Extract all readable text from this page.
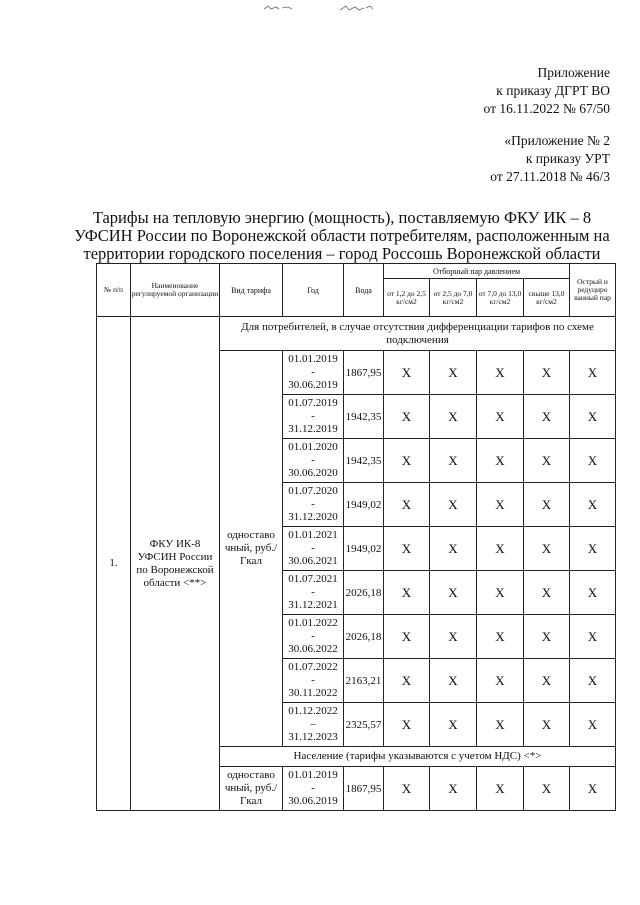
Приложение
к приказу ДГРТ ВО
от 16.11.2022 № 67/50
«Приложение № 2
к приказу УРТ
от 27.11.2018 № 46/3
Тарифы на тепловую энергию (мощность), поставляемую ФКУ ИК – 8
УФСИН России по Воронежской области потребителям, расположенным на
территории городского поселения – город Россошь Воронежской области
№ п/п	Наименование регулируемой организации	Вид тарифа	Год	Вода	Отборный пар давлением				Острый и редуциро ванный пар
					от 1,2 до 2,5 кг/см2	от 2,5 до 7,0 кг/см2	от 7,0 до 13,0 кг/см2	свыше 13,0 кг/см2	
1.	ФКУ ИК-8 УФСИН России по Воронежской области <**>	Для потребителей, в случае отсутствия дифференциации тарифов по схеме подключения							
		одноставо чный, руб./Гкал	01.01.2019
-
30.06.2019	1867,95	Х	Х	Х	Х	Х

			01.07.2019
-
31.12.2019	1942,35	Х	Х	Х	Х	Х

			01.01.2020
-
30.06.2020	1942,35	Х	Х	Х	Х	Х

			01.07.2020
-
31.12.2020	1949,02	Х	Х	Х	Х	Х

			01.01.2021
-
30.06.2021	1949,02	Х	Х	Х	Х	Х

			01.07.2021
-
31.12.2021	2026,18	Х	Х	Х	Х	Х

			01.01.2022
-
30.06.2022	2026,18	Х	Х	Х	Х	Х

			01.07.2022
-
30.11.2022	2163,21	Х	Х	Х	Х	Х

			01.12.2022
–
31.12.2023	2325,57	Х	Х	Х	Х	Х
		Население (тарифы указываются с учетом НДС) <*>							
		одноставо чный, руб./Гкал	01.01.2019
-
30.06.2019	1867,95	Х	Х	Х	Х	Х
